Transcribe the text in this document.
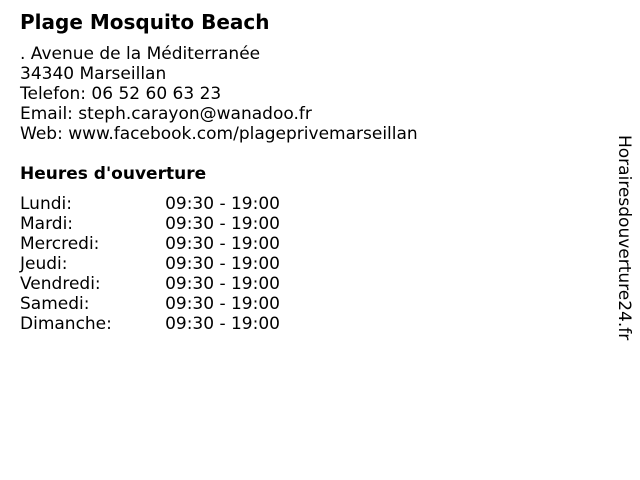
Plage Mosquito Beach
. Avenue de la Méditerranée
34340 Marseillan
Telefon: 06 52 60 63 23
Email: steph.carayon@wanadoo.fr
Web: www.facebook.com/plageprivemarseillan
Heures d'ouverture
Lundi:	09:30 - 19:00
Mardi:	09:30 - 19:00
Mercredi:	09:30 - 19:00
Jeudi:	09:30 - 19:00
Vendredi:	09:30 - 19:00
Samedi:	09:30 - 19:00
Dimanche:	09:30 - 19:00	Horairesdouverture24.fr
